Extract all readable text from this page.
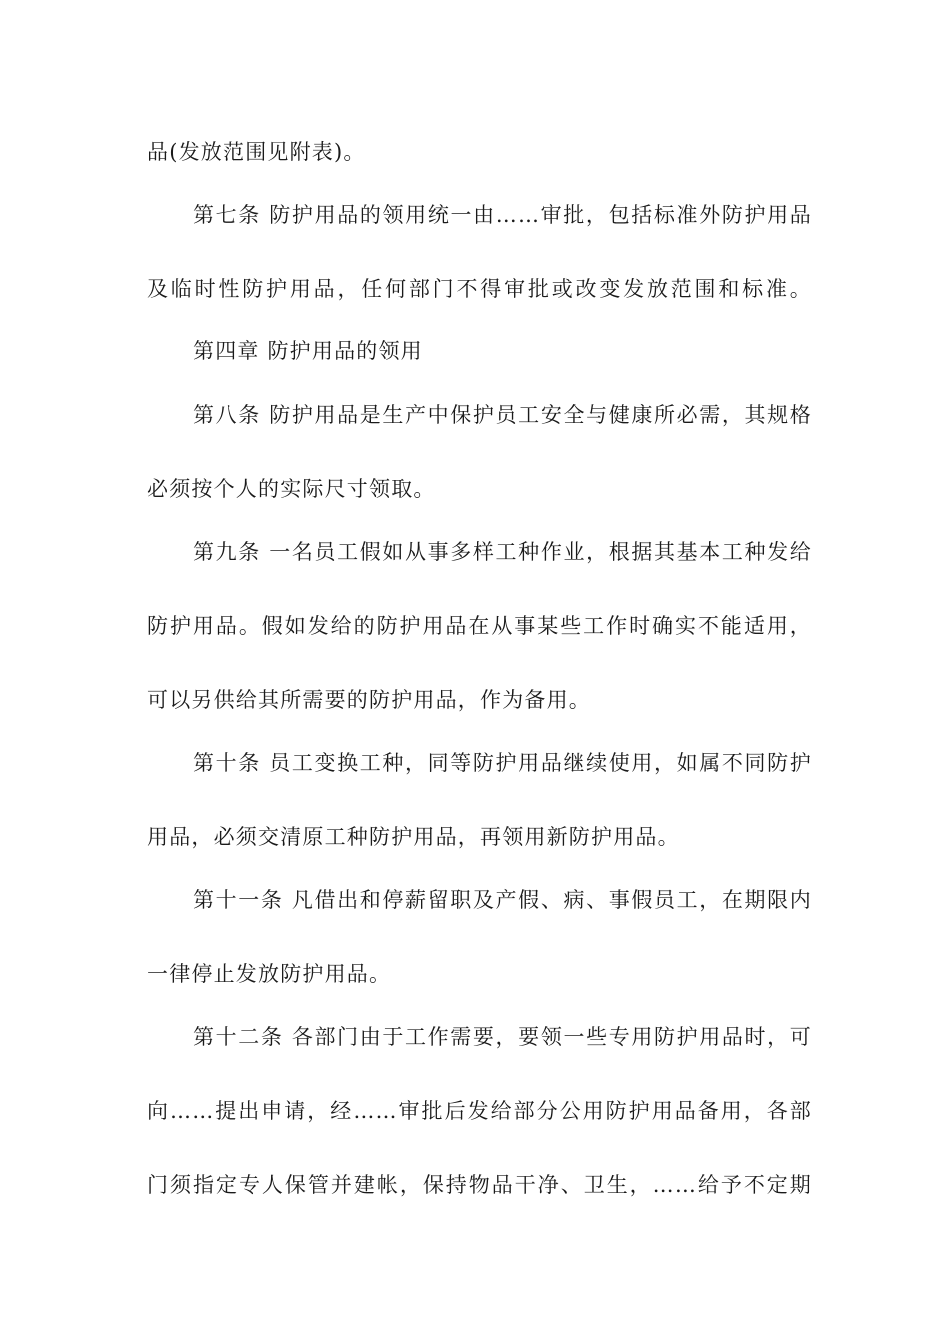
品(发放范围见附表)。
第七条 防护用品的领用统一由……审批，包括标准外防护用品
及临时性防护用品，任何部门不得审批或改变发放范围和标准。
第四章 防护用品的领用
第八条 防护用品是生产中保护员工安全与健康所必需，其规格
必须按个人的实际尺寸领取。
第九条 一名员工假如从事多样工种作业，根据其基本工种发给
防护用品。假如发给的防护用品在从事某些工作时确实不能适用，
可以另供给其所需要的防护用品，作为备用。
第十条 员工变换工种，同等防护用品继续使用，如属不同防护
用品，必须交清原工种防护用品，再领用新防护用品。
第十一条 凡借出和停薪留职及产假、病、事假员工，在期限内
一律停止发放防护用品。
第十二条 各部门由于工作需要，要领一些专用防护用品时，可
向……提出申请，经……审批后发给部分公用防护用品备用，各部
门须指定专人保管并建帐，保持物品干净、卫生，……给予不定期
